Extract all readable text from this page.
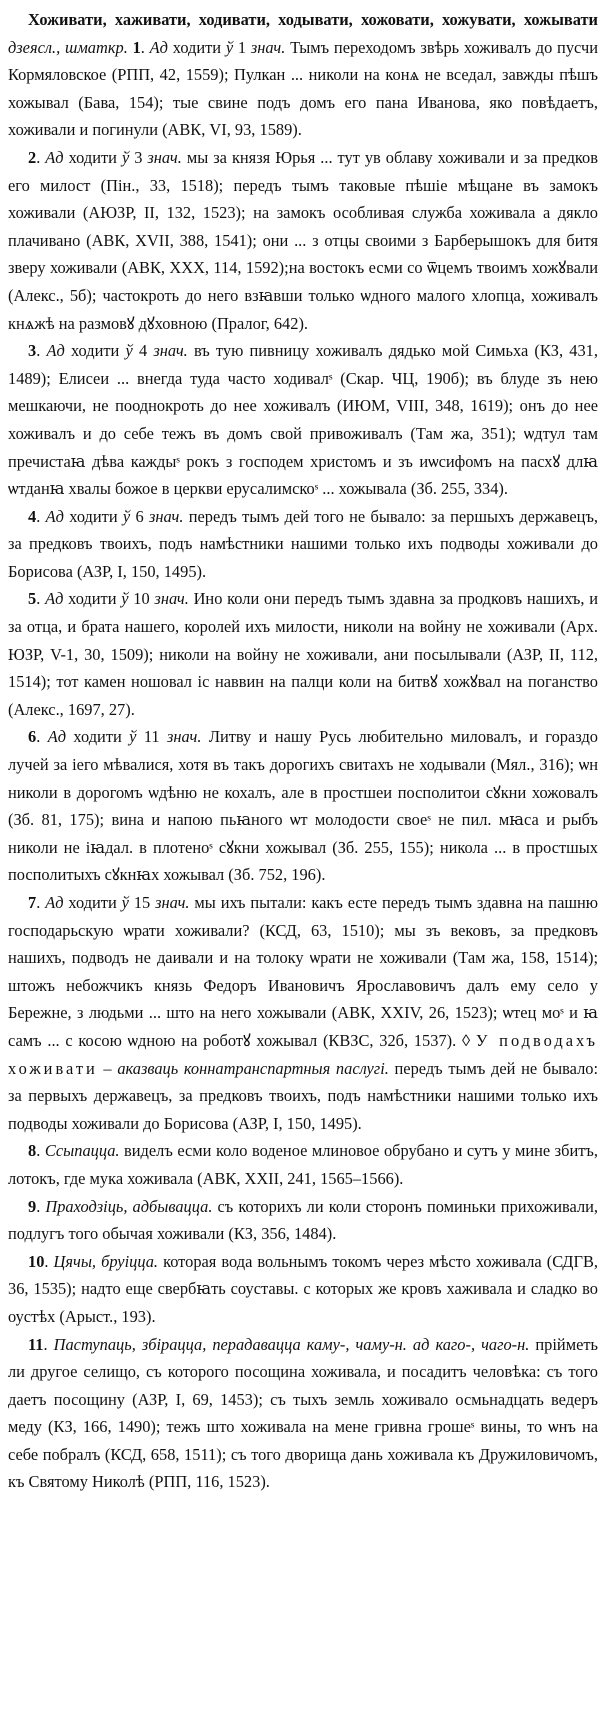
Хоживати, хаживати, ходивати, ходывати, хожовати, хожувати, хожывати дзеясл., шматкр. 1. Ад ходити ў 1 знач. Тымъ переходомъ звѣрь хоживалъ до пусчи Кормяловское (РПП, 42, 1559); Пулкан ... николи на конѧ не вседал, завжды пѣшъ хожывал (Бава, 154); тые свине подъ домъ его пана Иванова, яко повѣдаетъ, хоживали и погинули (АВК, VI, 93, 1589).

2. Ад ходити ў 3 знач. мы за князя Юрья ... тут ув облаву хоживали и за предков его милост (Пін., 33, 1518); передъ тымъ таковые пѣшіе мѣщане въ замокъ хоживали (АЮЗР, II, 132, 1523); на замокъ особливая служба хоживала а дякло плачивано (АВК, XVII, 388, 1541); они ... з отцы своими з Барберышокъ для битя зверу хоживали (АВК, XXX, 114, 1592);на востокъ есми со ѿцемъ твоимъ хожꙋвали (Алекс., 5б); частокроть до него взꙗвши только ѡдного малого хлопца, хоживалъ кнѧжѣ на размовꙋ дꙋховною (Пралог, 642).

3. Ад ходити ў 4 знач. въ тую пивницу хоживалъ дядько мой Симьха (КЗ, 431, 1489); Елисеи ... внегда туда часто ходивалˢ (Скар. ЧЦ, 190б); въ блуде зъ нею мешкаючи, не пооднокроть до нее хоживалъ (ИЮМ, VIII, 348, 1619); онъ до нее хоживалъ и до себе тежъ въ домъ свой привоживалъ (Там жа, 351); ѡдтул там пречистаꙗ дѣва каждыˢ рокъ з господем христомъ и зъ иѡсифомъ на пасхꙋ длꙗ ѡтданꙗ хвалы божое в церкви ерусалимскоˢ ... хожывала (Зб. 255, 334).

4. Ад ходити ў 6 знач. передъ тымъ дей того не бывало: за першыхъ державецъ, за предковъ твоихъ, подъ намѣстники нашими только ихъ подводы хоживали до Борисова (АЗР, I, 150, 1495).

5. Ад ходити ў 10 знач. Ино коли они передъ тымъ здавна за продковъ нашихъ, и за отца, и брата нашего, королей ихъ милости, николи на войну не хоживали (Арх. ЮЗР, V-1, 30, 1509); николи на войну не хоживали, ани посылывали (АЗР, II, 112, 1514); тот камен ношовал іс наввин на палци коли на битвꙋ хожꙋвал на поганство (Алекс., 1697, 27).

6. Ад ходити ў 11 знач. Литву и нашу Русь любительно миловалъ, и гораздо лучей за іего мѣвалися, хотя въ такъ дорогихъ свитахъ не ходывали (Мял., 316); ѡн николи в дорогомъ ѡдѣню не кохалъ, але в простшеи посполитои сꙋкни хожовалъ (Зб. 81, 175); вина и напою пьꙗного ѡт молодости своеˢ не пил. мꙗса и рыбъ николи не іꙗдал. в плотеноˢ сꙋкни хожывал (Зб. 255, 155); никола ... в простшых посполитыхъ сꙋкнꙗх хожывал (Зб. 752, 196).

7. Ад ходити ў 15 знач. мы ихъ пытали: какъ есте передъ тымъ здавна на пашню господарьскую ѡрати хоживали? (КСД, 63, 1510); мы зъ вековъ, за предковъ нашихъ, подводъ не даивали и на толоку ѡрати не хоживали (Там жа, 158, 1514); штожъ небожчикъ князь Федоръ Ивановичъ Ярославовичъ далъ ему село у Бережне, з людьми ... што на него хожывали (АВК, XXIV, 26, 1523); ѡтец моˢ и ꙗ самъ ... с косою ѡдною на роботꙋ хожывал (КВЗС, 32б, 1537). ◊ У подводахъ хоживати – аказваць коннатранспартныя паслугі. передъ тымъ дей не бывало: за первыхъ державецъ, за предковъ твоихъ, подъ намѣстники нашими только ихъ подводы хоживали до Борисова (АЗР, I, 150, 1495).

8. Ссыпацца. виделъ есми коло воденое млиновое обрубано и сутъ у мине збитъ, лотокъ, где мука хоживала (АВК, XXII, 241, 1565–1566).

9. Праходзіць, адбывацца. съ которихъ ли коли сторонъ поминьки прихоживали, подлугъ того обычая хоживали (КЗ, 356, 1484).

10. Цячы, бруіцца. которая вода вольнымъ токомъ через мѣсто хоживала (СДГВ, 36, 1535); надто еще свербꙗть соуставы. с которых же кровъ хаживала и сладко во оустѣх (Арыст., 193).

11. Паступаць, збірацца, перадавацца каму-, чаму-н. ад каго-, чаго-н. прійметь ли другое селищо, съ которого посощина хоживала, и посадитъ человѣка: съ того даетъ посощину (АЗР, I, 69, 1453); съ тыхъ земль хоживало осмьнадцать ведеръ меду (КЗ, 166, 1490); тежъ што хоживала на мене гривна грошеˢ вины, то ѡнъ на себе побралъ (КСД, 658, 1511); съ того дворища дань хоживала къ Дружиловичомъ, къ Святому Николѣ (РПП, 116, 1523).
